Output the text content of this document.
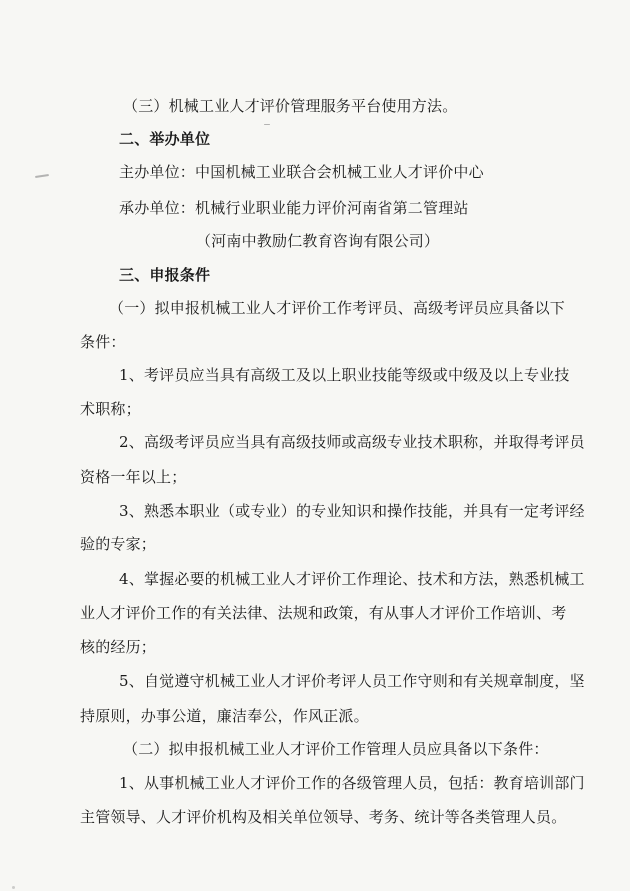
（三）机械工业人才评价管理服务平台使用方法。
二、举办单位
主办单位：中国机械工业联合会机械工业人才评价中心
承办单位：机械行业职业能力评价河南省第二管理站
（河南中教励仁教育咨询有限公司）
三、申报条件
（一）拟申报机械工业人才评价工作考评员、高级考评员应具备以下
条件：
1、考评员应当具有高级工及以上职业技能等级或中级及以上专业技
术职称；
2、高级考评员应当具有高级技师或高级专业技术职称，并取得考评员
资格一年以上；
3、熟悉本职业（或专业）的专业知识和操作技能，并具有一定考评经
验的专家；
4、掌握必要的机械工业人才评价工作理论、技术和方法，熟悉机械工
业人才评价工作的有关法律、法规和政策，有从事人才评价工作培训、考
核的经历；
5、自觉遵守机械工业人才评价考评人员工作守则和有关规章制度，坚
持原则，办事公道，廉洁奉公，作风正派。
（二）拟申报机械工业人才评价工作管理人员应具备以下条件：
1、从事机械工业人才评价工作的各级管理人员，包括：教育培训部门
主管领导、人才评价机构及相关单位领导、考务、统计等各类管理人员。
